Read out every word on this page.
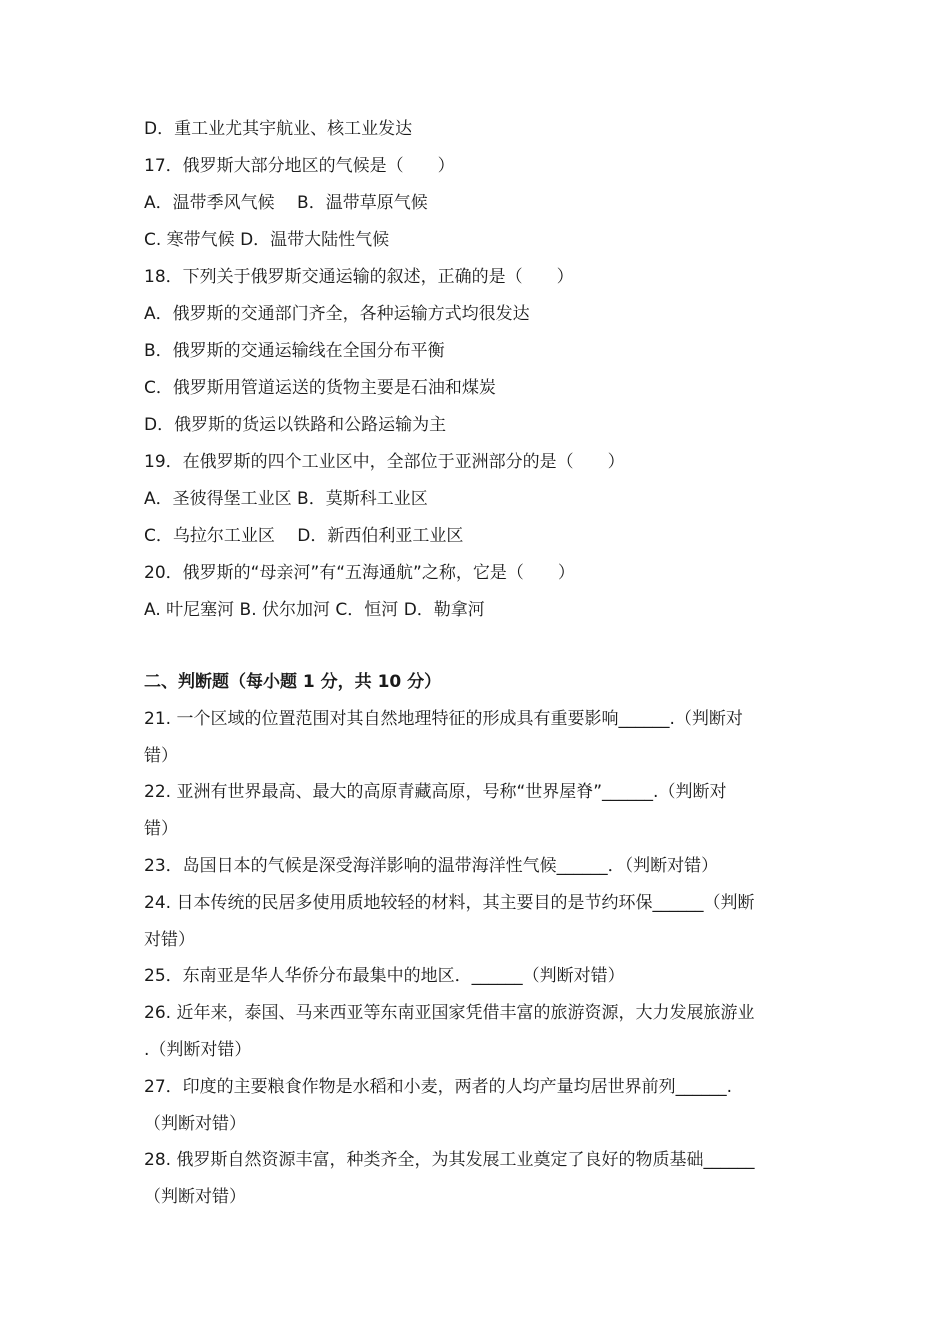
D．重工业尤其宇航业、核工业发达
17．俄罗斯大部分地区的气候是（　　）
A．温带季风气候　 B．温带草原气候
C. 寒带气候 D．温带大陆性气候
18．下列关于俄罗斯交通运输的叙述，正确的是（　　）
A．俄罗斯的交通部门齐全，各种运输方式均很发达
B．俄罗斯的交通运输线在全国分布平衡
C．俄罗斯用管道运送的货物主要是石油和煤炭
D．俄罗斯的货运以铁路和公路运输为主
19．在俄罗斯的四个工业区中，全部位于亚洲部分的是（　　）
A．圣彼得堡工业区 B．莫斯科工业区
C．乌拉尔工业区　 D．新西伯利亚工业区
20．俄罗斯的“母亲河”有“五海通航”之称，它是（　　）
A. 叶尼塞河 B. 伏尔加河 C．恒河 D．勒拿河
二、判断题（每小题 1 分，共 10 分）
21. 一个区域的位置范围对其自然地理特征的形成具有重要影响______.（判断对
错）
22. 亚洲有世界最高、最大的高原青藏高原，号称“世界屋脊”______.（判断对
错）
23．岛国日本的气候是深受海洋影响的温带海洋性气候______．（判断对错）
24. 日本传统的民居多使用质地较轻的材料，其主要目的是节约环保______（判断
对错）
25．东南亚是华人华侨分布最集中的地区．______（判断对错）
26. 近年来，泰国、马来西亚等东南亚国家凭借丰富的旅游资源，大力发展旅游业
.（判断对错）
27．印度的主要粮食作物是水稻和小麦，两者的人均产量均居世界前列______.
（判断对错）
28. 俄罗斯自然资源丰富，种类齐全，为其发展工业奠定了良好的物质基础______
（判断对错）
